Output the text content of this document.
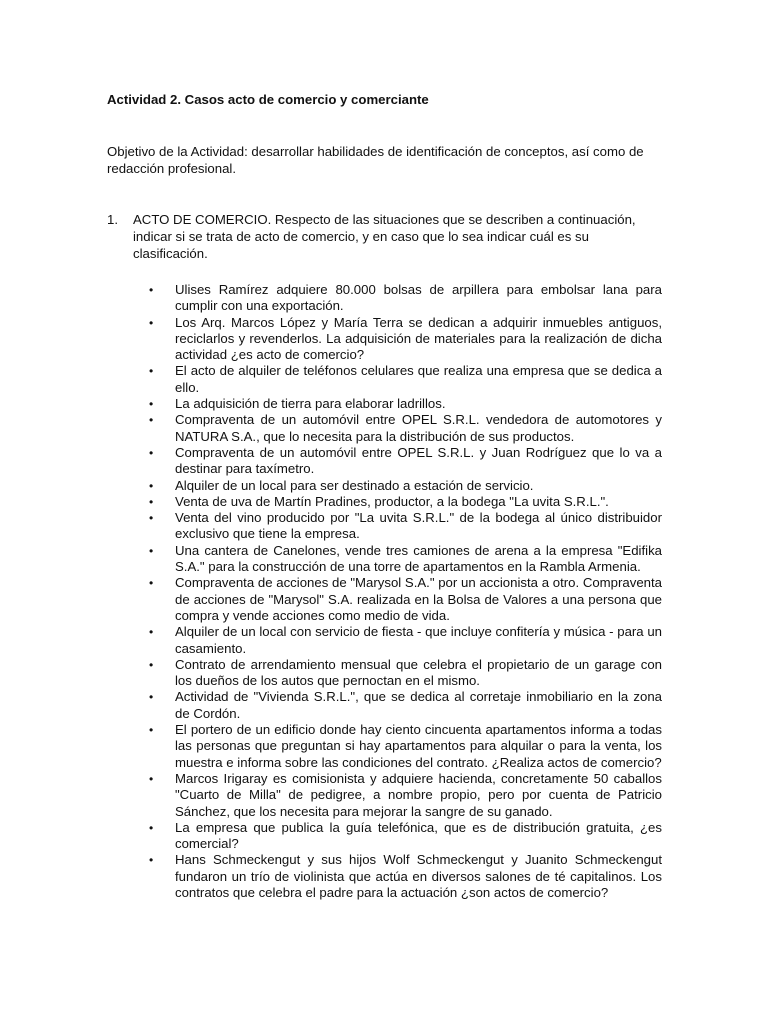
Actividad 2. Casos acto de comercio y comerciante
Objetivo de la Actividad: desarrollar habilidades de identificación de conceptos, así como de redacción profesional.
1. ACTO DE COMERCIO. Respecto de las situaciones que se describen a continuación, indicar si se trata de acto de comercio, y en caso que lo sea indicar cuál es su clasificación.
• Ulises Ramírez adquiere 80.000 bolsas de arpillera para embolsar lana para cumplir con una exportación.
• Los Arq. Marcos López y María Terra se dedican a adquirir inmuebles antiguos, reciclarlos y revenderlos. La adquisición de materiales para la realización de dicha actividad ¿es acto de comercio?
• El acto de alquiler de teléfonos celulares que realiza una empresa que se dedica a ello.
• La adquisición de tierra para elaborar ladrillos.
• Compraventa de un automóvil entre OPEL S.R.L. vendedora de automotores y NATURA S.A., que lo necesita para la distribución de sus productos.
• Compraventa de un automóvil entre OPEL S.R.L. y Juan Rodríguez que lo va a destinar para taxímetro.
• Alquiler de un local para ser destinado a estación de servicio.
• Venta de uva de Martín Pradines, productor, a la bodega "La uvita S.R.L.".
• Venta del vino producido por "La uvita S.R.L." de la bodega al único distribuidor exclusivo que tiene la empresa.
• Una cantera de Canelones, vende tres camiones de arena a la empresa "Edifika S.A." para la construcción de una torre de apartamentos en la Rambla Armenia.
• Compraventa de acciones de "Marysol S.A." por un accionista a otro. Compraventa de acciones de "Marysol" S.A. realizada en la Bolsa de Valores a una persona que compra y vende acciones como medio de vida.
• Alquiler de un local con servicio de fiesta - que incluye confitería y música - para un casamiento.
• Contrato de arrendamiento mensual que celebra el propietario de un garage con los dueños de los autos que pernoctan en el mismo.
• Actividad de "Vivienda S.R.L.", que se dedica al corretaje inmobiliario en la zona de Cordón.
• El portero de un edificio donde hay ciento cincuenta apartamentos informa a todas las personas que preguntan si hay apartamentos para alquilar o para la venta, los muestra e informa sobre las condiciones del contrato. ¿Realiza actos de comercio?
• Marcos Irigaray es comisionista y adquiere hacienda, concretamente 50 caballos "Cuarto de Milla" de pedigree, a nombre propio, pero por cuenta de Patricio Sánchez, que los necesita para mejorar la sangre de su ganado.
• La empresa que publica la guía telefónica, que es de distribución gratuita, ¿es comercial?
• Hans Schmeckengut y sus hijos Wolf Schmeckengut y Juanito Schmeckengut fundaron un trío de violinista que actúa en diversos salones de té capitalinos. Los contratos que celebra el padre para la actuación ¿son actos de comercio?
